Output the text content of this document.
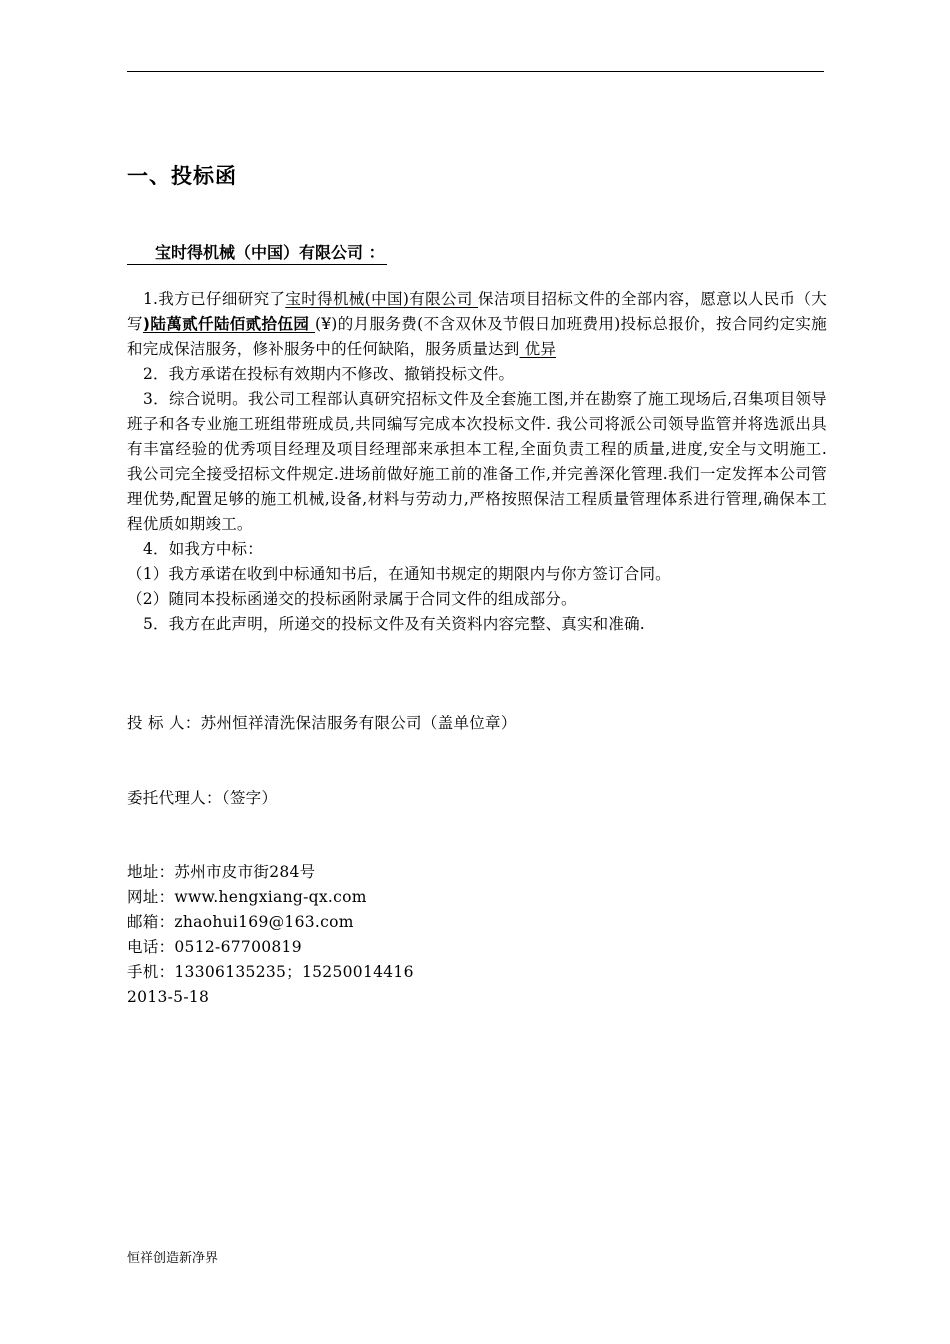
一、投标函
宝时得机械（中国）有限公司 ：

1.我方已仔细研究了宝时得机械(中国)有限公司 保洁项目招标文件的全部内容，愿意以人民币（大写)陆萬贰仟陆佰贰拾伍园 (¥)的月服务费(不含双休及节假日加班费用)投标总报价，按合同约定实施和完成保洁服务，修补服务中的任何缺陷，服务质量达到 优异

2．我方承诺在投标有效期内不修改、撤销投标文件。

3．综合说明。我公司工程部认真研究招标文件及全套施工图,并在勘察了施工现场后,召集项目领导班子和各专业施工班组带班成员,共同编写完成本次投标文件. 我公司将派公司领导监管并将选派出具有丰富经验的优秀项目经理及项目经理部来承担本工程,全面负责工程的质量,进度,安全与文明施工. 我公司完全接受招标文件规定.进场前做好施工前的准备工作,并完善深化管理.我们一定发挥本公司管理优势,配置足够的施工机械,设备,材料与劳动力,严格按照保洁工程质量管理体系进行管理,确保本工程优质如期竣工。

4．如我方中标：

（1）我方承诺在收到中标通知书后，在通知书规定的期限内与你方签订合同。

（2）随同本投标函递交的投标函附录属于合同文件的组成部分。

5．我方在此声明，所递交的投标文件及有关资料内容完整、真实和准确.

投 标 人：苏州恒祥清洗保洁服务有限公司（盖单位章）
委托代理人：（签字）
地址：苏州市皮市街284号
网址：www.hengxiang-qx.com
邮箱：zhaohui169@163.com
电话：0512-67700819
手机：13306135235；15250014416
2013-5-18
恒祥创造新净界
